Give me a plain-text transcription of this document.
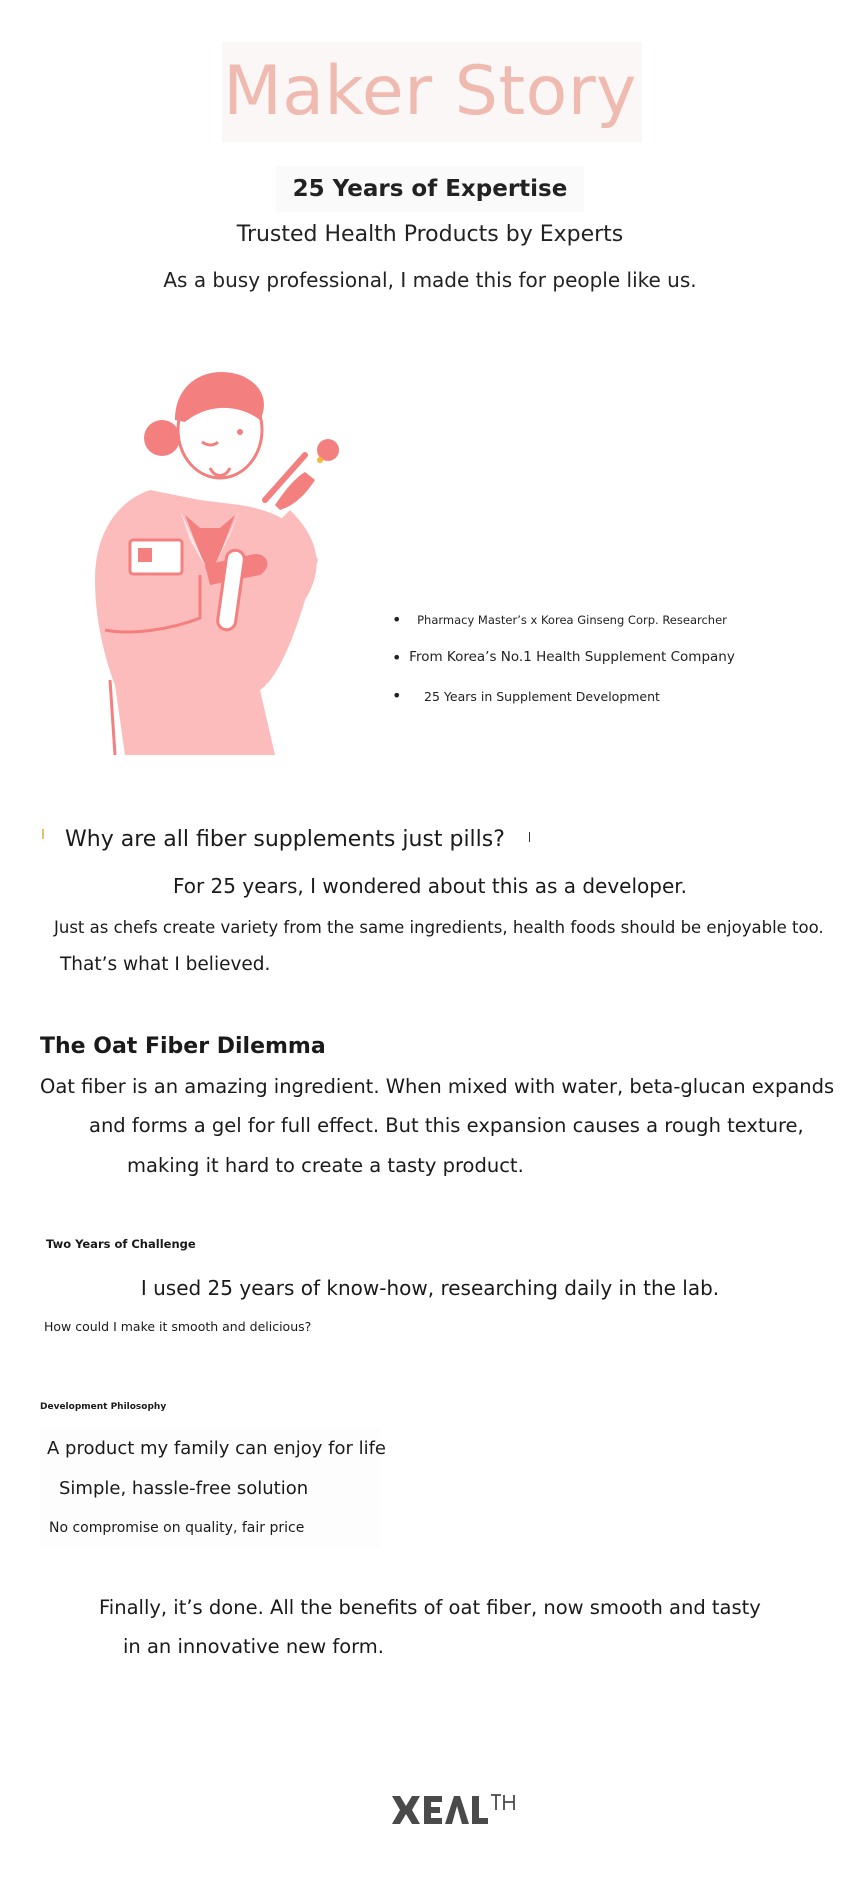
Maker Story
25 Years of Expertise
Trusted Health Products by Experts
As a busy professional, I made this for people like us.
•	Pharmacy Master’s x Korea Ginseng Corp. Researcher
• From Korea’s No.1 Health Supplement Company
•	25 Years in Supplement Development
Why are all fiber supplements just pills?
For 25 years, I wondered about this as a developer.
Just as chefs create variety from the same ingredients, health foods should be enjoyable too.
That’s what I believed.
The Oat Fiber Dilemma
Oat fiber is an amazing ingredient. When mixed with water, beta-glucan expands
and forms a gel for full effect. But this expansion causes a rough texture,
making it hard to create a tasty product.
Two Years of Challenge
I used 25 years of know-how, researching daily in the lab.
How could I make it smooth and delicious?
Development Philosophy
A product my family can enjoy for life
Simple, hassle-free solution
No compromise on quality, fair price
Finally, it’s done. All the benefits of oat fiber, now smooth and tasty
in an innovative new form.
